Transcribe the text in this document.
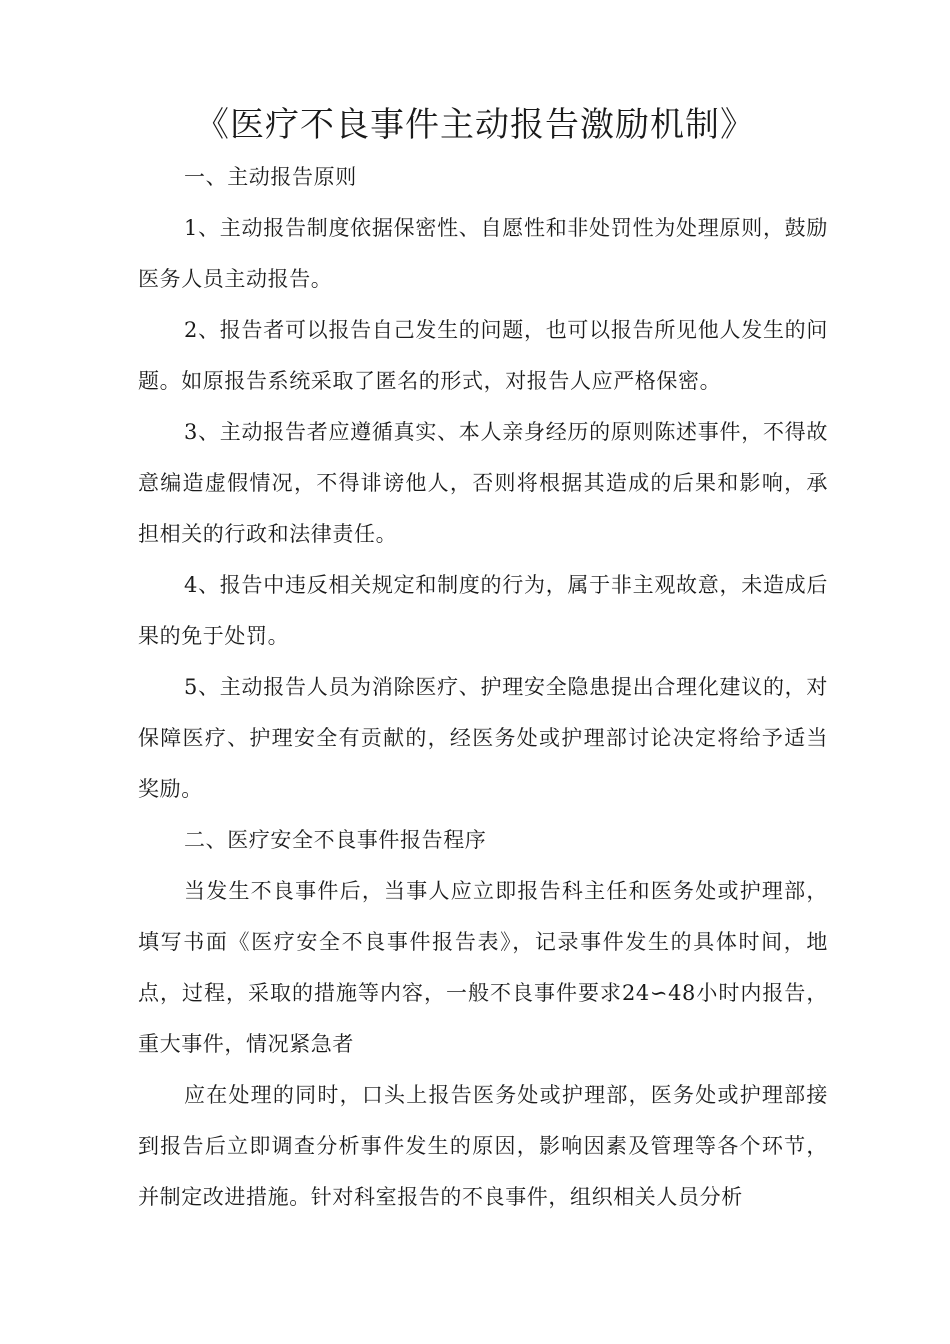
《医疗不良事件主动报告激励机制》

一、主动报告原则

1、主动报告制度依据保密性、自愿性和非处罚性为处理原则，鼓励医务人员主动报告。

2、报告者可以报告自己发生的问题，也可以报告所见他人发生的问题。如原报告系统采取了匿名的形式，对报告人应严格保密。

3、主动报告者应遵循真实、本人亲身经历的原则陈述事件，不得故意编造虚假情况，不得诽谤他人，否则将根据其造成的后果和影响，承担相关的行政和法律责任。

4、报告中违反相关规定和制度的行为，属于非主观故意，未造成后果的免于处罚。

5、主动报告人员为消除医疗、护理安全隐患提出合理化建议的，对保障医疗、护理安全有贡献的，经医务处或护理部讨论决定将给予适当奖励。

二、医疗安全不良事件报告程序

当发生不良事件后，当事人应立即报告科主任和医务处或护理部，填写书面《医疗安全不良事件报告表》，记录事件发生的具体时间，地点，过程，采取的措施等内容，一般不良事件要求24∽48小时内报告，重大事件，情况紧急者

应在处理的同时，口头上报告医务处或护理部，医务处或护理部接到报告后立即调查分析事件发生的原因，影响因素及管理等各个环节，并制定改进措施。针对科室报告的不良事件，组织相关人员分析
